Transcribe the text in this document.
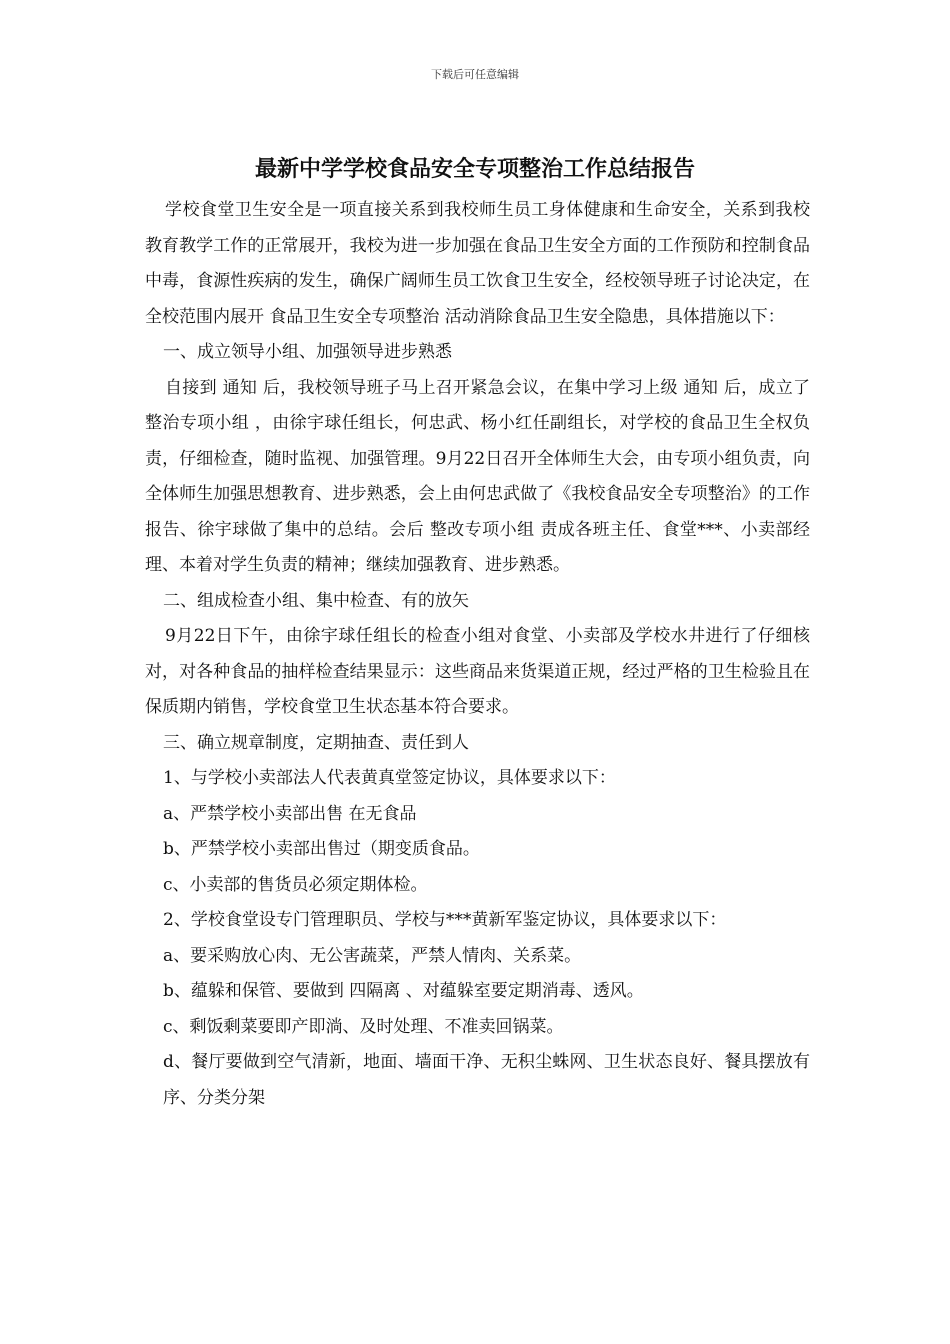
下载后可任意编辑
最新中学学校食品安全专项整治工作总结报告

学校食堂卫生安全是一项直接关系到我校师生员工身体健康和生命安全，关系到我校教育教学工作的正常展开，我校为进一步加强在食品卫生安全方面的工作预防和控制食品中毒，食源性疾病的发生，确保广阔师生员工饮食卫生安全，经校领导班子讨论决定，在全校范围内展开 食品卫生安全专项整治 活动消除食品卫生安全隐患，具体措施以下：

一、成立领导小组、加强领导进步熟悉

自接到 通知 后，我校领导班子马上召开紧急会议，在集中学习上级 通知 后，成立了 整治专项小组 ，由徐宇球任组长，何忠武、杨小红任副组长，对学校的食品卫生全权负责，仔细检查，随时监视、加强管理。9月22日召开全体师生大会，由专项小组负责，向全体师生加强思想教育、进步熟悉，会上由何忠武做了《我校食品安全专项整治》的工作报告、徐宇球做了集中的总结。会后 整改专项小组 责成各班主任、食堂***、小卖部经理、本着对学生负责的精神；继续加强教育、进步熟悉。

二、组成检查小组、集中检查、有的放矢

9月22日下午，由徐宇球任组长的检查小组对食堂、小卖部及学校水井进行了仔细核对，对各种食品的抽样检查结果显示：这些商品来货渠道正规，经过严格的卫生检验且在保质期内销售，学校食堂卫生状态基本符合要求。

三、确立规章制度，定期抽查、责任到人

1、与学校小卖部法人代表黄真堂签定协议，具体要求以下：

a、严禁学校小卖部出售 在无食品

b、严禁学校小卖部出售过（期变质食品。

c、小卖部的售货员必须定期体检。

2、学校食堂设专门管理职员、学校与***黄新军鉴定协议，具体要求以下：

a、要采购放心肉、无公害蔬菜，严禁人情肉、关系菜。

b、蕴躲和保管、要做到 四隔离 、对蕴躲室要定期消毒、透风。

c、剩饭剩菜要即产即淌、及时处理、不准卖回锅菜。

d、餐厅要做到空气清新，地面、墙面干净、无积尘蛛网、卫生状态良好、餐具摆放有序、分类分架
